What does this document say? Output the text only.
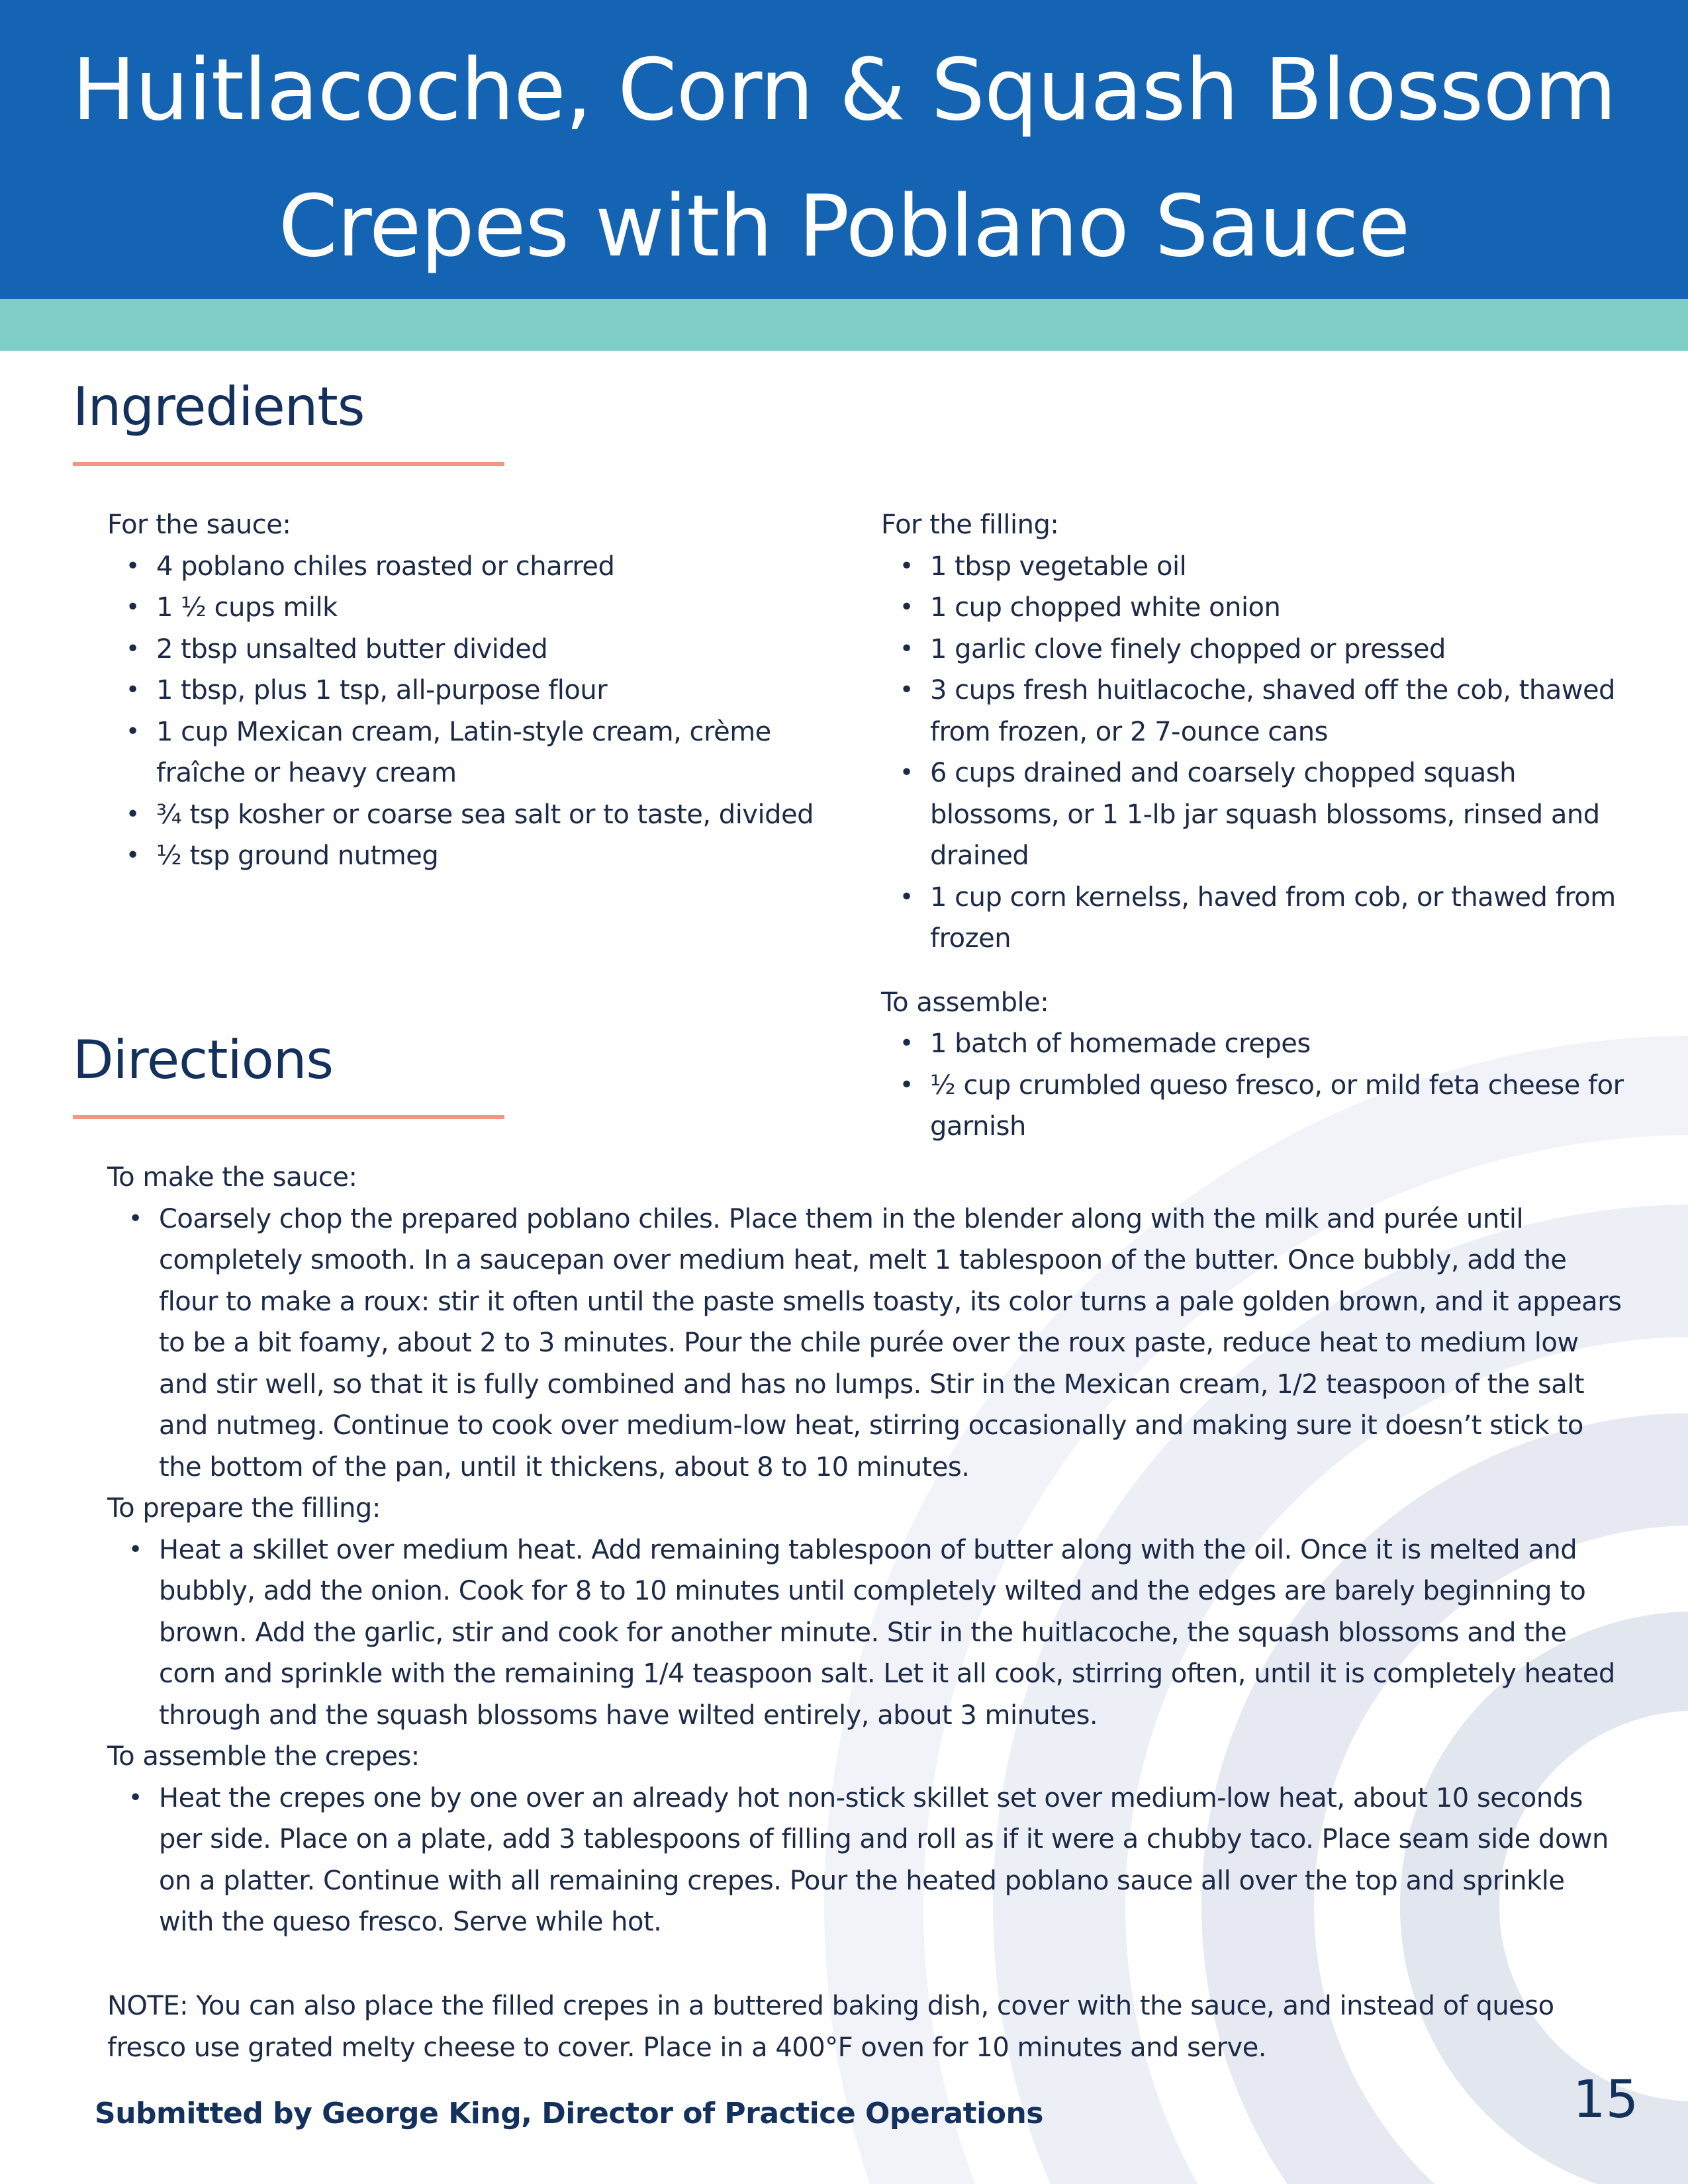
Huitlacoche, Corn & Squash Blossom
Crepes with Poblano Sauce
Ingredients

For the sauce:

• 4 poblano chiles roasted or charred
• 1 ½ cups milk
• 2 tbsp unsalted butter divided
• 1 tbsp, plus 1 tsp, all-purpose flour
• 1 cup Mexican cream, Latin-style cream, crème fraîche or heavy cream
• ¾ tsp kosher or coarse sea salt or to taste, divided
• ½ tsp ground nutmeg

For the filling:

• 1 tbsp vegetable oil
• 1 cup chopped white onion
• 1 garlic clove finely chopped or pressed
• 3 cups fresh huitlacoche, shaved off the cob, thawed from frozen, or 2 7-ounce cans
• 6 cups drained and coarsely chopped squash blossoms, or 1 1-lb jar squash blossoms, rinsed and drained
• 1 cup corn kernelss, haved from cob, or thawed from frozen

To assemble:

• 1 batch of homemade crepes
• ½ cup crumbled queso fresco, or mild feta cheese for garnish
Directions

To make the sauce:

• Coarsely chop the prepared poblano chiles. Place them in the blender along with the milk and purée until completely smooth. In a saucepan over medium heat, melt 1 tablespoon of the butter. Once bubbly, add the flour to make a roux: stir it often until the paste smells toasty, its color turns a pale golden brown, and it appears to be a bit foamy, about 2 to 3 minutes. Pour the chile purée over the roux paste, reduce heat to medium low and stir well, so that it is fully combined and has no lumps. Stir in the Mexican cream, 1/2 teaspoon of the salt and nutmeg. Continue to cook over medium-low heat, stirring occasionally and making sure it doesn’t stick to the bottom of the pan, until it thickens, about 8 to 10 minutes.

To prepare the filling:

• Heat a skillet over medium heat. Add remaining tablespoon of butter along with the oil. Once it is melted and bubbly, add the onion. Cook for 8 to 10 minutes until completely wilted and the edges are barely beginning to brown. Add the garlic, stir and cook for another minute. Stir in the huitlacoche, the squash blossoms and the corn and sprinkle with the remaining 1/4 teaspoon salt. Let it all cook, stirring often, until it is completely heated through and the squash blossoms have wilted entirely, about 3 minutes.

To assemble the crepes:

• Heat the crepes one by one over an already hot non-stick skillet set over medium-low heat, about 10 seconds per side. Place on a plate, add 3 tablespoons of filling and roll as if it were a chubby taco. Place seam side down on a platter. Continue with all remaining crepes. Pour the heated poblano sauce all over the top and sprinkle with the queso fresco. Serve while hot.
NOTE: You can also place the filled crepes in a buttered baking dish, cover with the sauce, and instead of queso fresco use grated melty cheese to cover. Place in a 400°F oven for 10 minutes and serve.
Submitted by George King, Director of Practice Operations	15
